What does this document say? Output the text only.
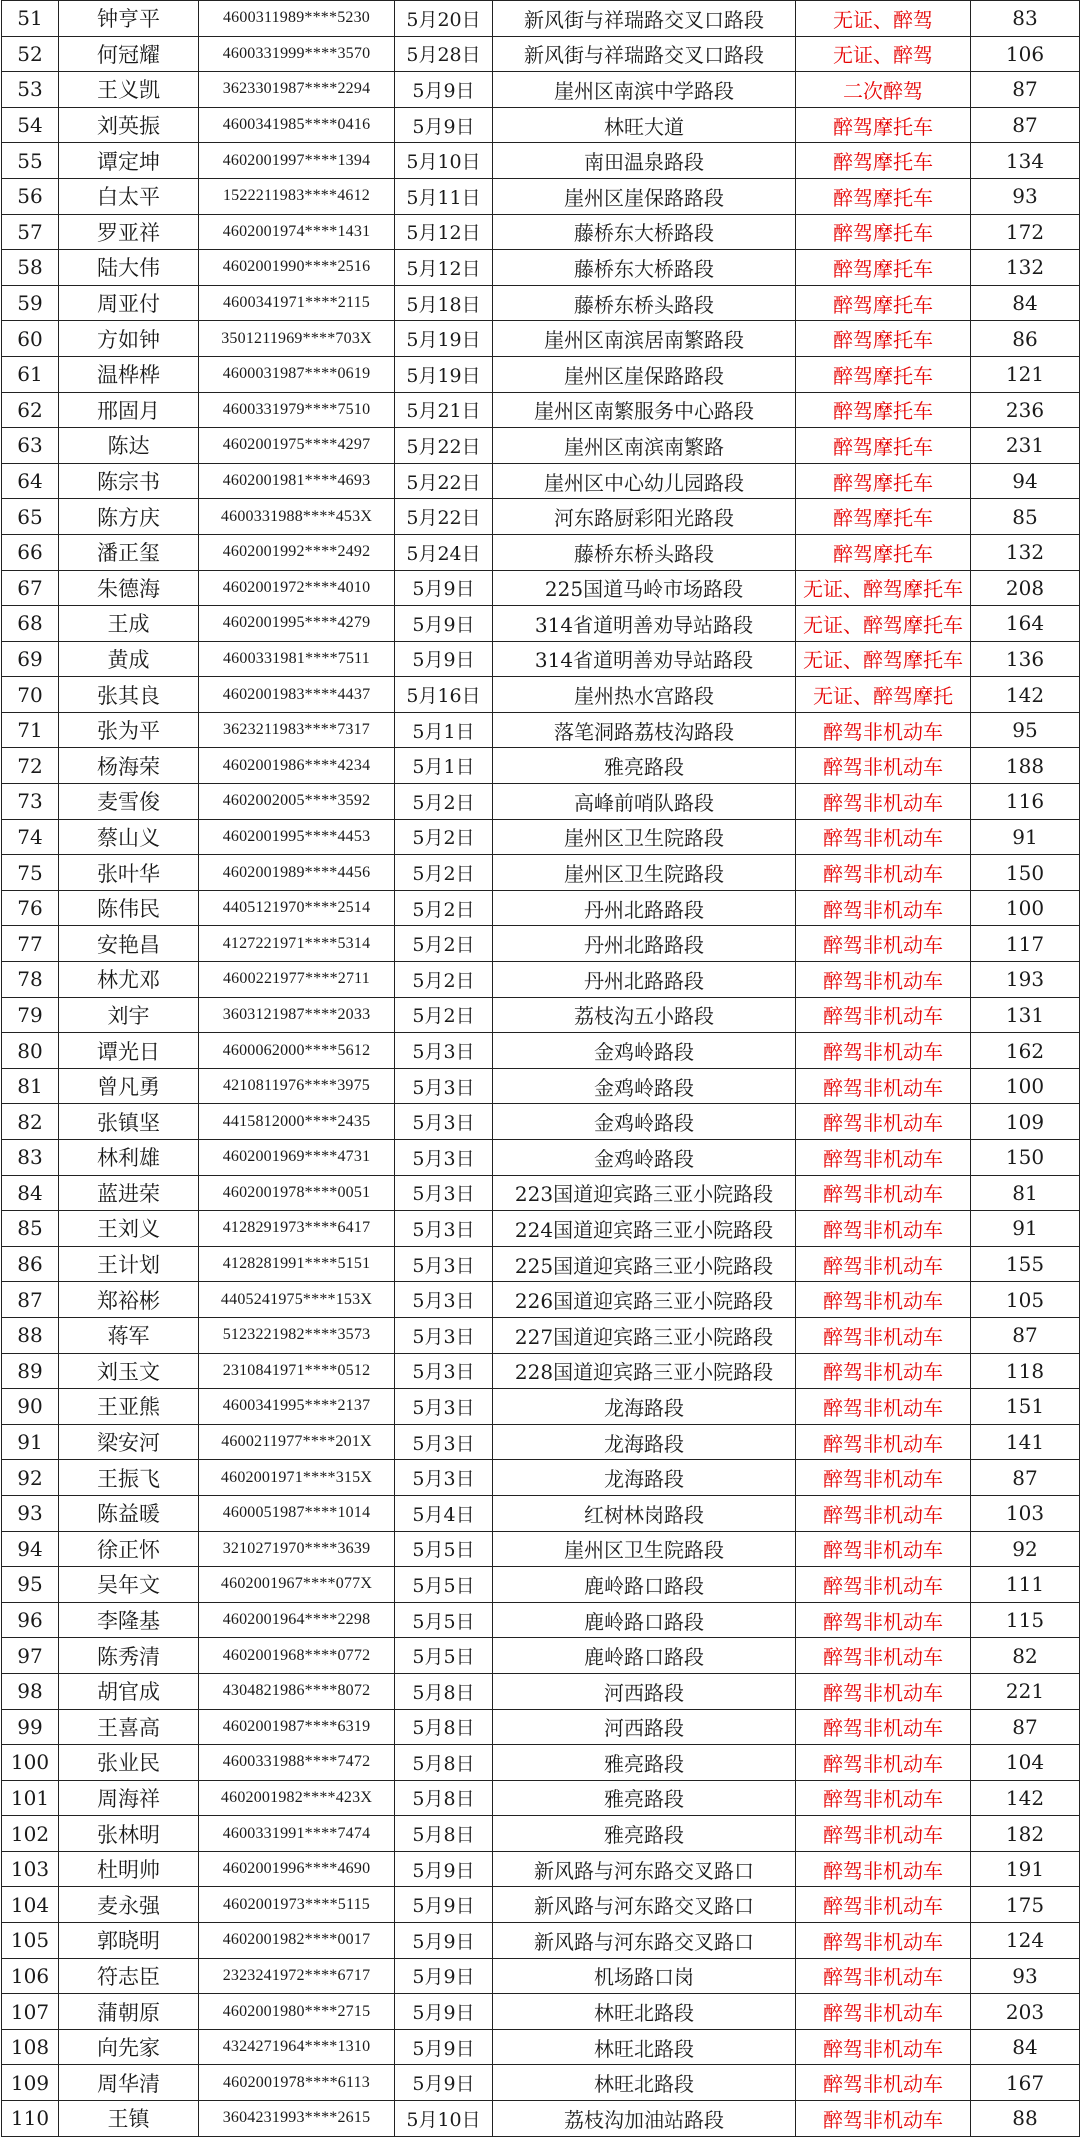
51	钟亨平	4600311989****5230	5月20日	新风街与祥瑞路交叉口路段	无证、醉驾	83
52	何冠耀	4600331999****3570	5月28日	新风街与祥瑞路交叉口路段	无证、醉驾	106
53	王义凯	3623301987****2294	5月9日	崖州区南滨中学路段	二次醉驾	87
54	刘英振	4600341985****0416	5月9日	林旺大道	醉驾摩托车	87
55	谭定坤	4602001997****1394	5月10日	南田温泉路段	醉驾摩托车	134
56	白太平	1522211983****4612	5月11日	崖州区崖保路路段	醉驾摩托车	93
57	罗亚祥	4602001974****1431	5月12日	藤桥东大桥路段	醉驾摩托车	172
58	陆大伟	4602001990****2516	5月12日	藤桥东大桥路段	醉驾摩托车	132
59	周亚付	4600341971****2115	5月18日	藤桥东桥头路段	醉驾摩托车	84
60	方如钟	3501211969****703X	5月19日	崖州区南滨居南繁路段	醉驾摩托车	86
61	温桦桦	4600031987****0619	5月19日	崖州区崖保路路段	醉驾摩托车	121
62	邢固月	4600331979****7510	5月21日	崖州区南繁服务中心路段	醉驾摩托车	236
63	陈达	4602001975****4297	5月22日	崖州区南滨南繁路	醉驾摩托车	231
64	陈宗书	4602001981****4693	5月22日	崖州区中心幼儿园路段	醉驾摩托车	94
65	陈方庆	4600331988****453X	5月22日	河东路厨彩阳光路段	醉驾摩托车	85
66	潘正玺	4602001992****2492	5月24日	藤桥东桥头路段	醉驾摩托车	132
67	朱德海	4602001972****4010	5月9日	225国道马岭市场路段	无证、醉驾摩托车	208
68	王成	4602001995****4279	5月9日	314省道明善劝导站路段	无证、醉驾摩托车	164
69	黄成	4600331981****7511	5月9日	314省道明善劝导站路段	无证、醉驾摩托车	136
70	张其良	4602001983****4437	5月16日	崖州热水宫路段	无证、醉驾摩托	142
71	张为平	3623211983****7317	5月1日	落笔洞路荔枝沟路段	醉驾非机动车	95
72	杨海荣	4602001986****4234	5月1日	雅亮路段	醉驾非机动车	188
73	麦雪俊	4602002005****3592	5月2日	高峰前哨队路段	醉驾非机动车	116
74	蔡山义	4602001995****4453	5月2日	崖州区卫生院路段	醉驾非机动车	91
75	张叶华	4602001989****4456	5月2日	崖州区卫生院路段	醉驾非机动车	150
76	陈伟民	4405121970****2514	5月2日	丹州北路路段	醉驾非机动车	100
77	安艳昌	4127221971****5314	5月2日	丹州北路路段	醉驾非机动车	117
78	林尤邓	4600221977****2711	5月2日	丹州北路路段	醉驾非机动车	193
79	刘宇	3603121987****2033	5月2日	荔枝沟五小路段	醉驾非机动车	131
80	谭光日	4600062000****5612	5月3日	金鸡岭路段	醉驾非机动车	162
81	曾凡勇	4210811976****3975	5月3日	金鸡岭路段	醉驾非机动车	100
82	张镇坚	4415812000****2435	5月3日	金鸡岭路段	醉驾非机动车	109
83	林利雄	4602001969****4731	5月3日	金鸡岭路段	醉驾非机动车	150
84	蓝进荣	4602001978****0051	5月3日	223国道迎宾路三亚小院路段	醉驾非机动车	81
85	王刘义	4128291973****6417	5月3日	224国道迎宾路三亚小院路段	醉驾非机动车	91
86	王计划	4128281991****5151	5月3日	225国道迎宾路三亚小院路段	醉驾非机动车	155
87	郑裕彬	4405241975****153X	5月3日	226国道迎宾路三亚小院路段	醉驾非机动车	105
88	蒋军	5123221982****3573	5月3日	227国道迎宾路三亚小院路段	醉驾非机动车	87
89	刘玉文	2310841971****0512	5月3日	228国道迎宾路三亚小院路段	醉驾非机动车	118
90	王亚熊	4600341995****2137	5月3日	龙海路段	醉驾非机动车	151
91	梁安河	4600211977****201X	5月3日	龙海路段	醉驾非机动车	141
92	王振飞	4602001971****315X	5月3日	龙海路段	醉驾非机动车	87
93	陈益暖	4600051987****1014	5月4日	红树林岗路段	醉驾非机动车	103
94	徐正怀	3210271970****3639	5月5日	崖州区卫生院路段	醉驾非机动车	92
95	吴年文	4602001967****077X	5月5日	鹿岭路口路段	醉驾非机动车	111
96	李隆基	4602001964****2298	5月5日	鹿岭路口路段	醉驾非机动车	115
97	陈秀清	4602001968****0772	5月5日	鹿岭路口路段	醉驾非机动车	82
98	胡官成	4304821986****8072	5月8日	河西路段	醉驾非机动车	221
99	王喜高	4602001987****6319	5月8日	河西路段	醉驾非机动车	87
100	张业民	4600331988****7472	5月8日	雅亮路段	醉驾非机动车	104
101	周海祥	4602001982****423X	5月8日	雅亮路段	醉驾非机动车	142
102	张林明	4600331991****7474	5月8日	雅亮路段	醉驾非机动车	182
103	杜明帅	4602001996****4690	5月9日	新风路与河东路交叉路口	醉驾非机动车	191
104	麦永强	4602001973****5115	5月9日	新风路与河东路交叉路口	醉驾非机动车	175
105	郭晓明	4602001982****0017	5月9日	新风路与河东路交叉路口	醉驾非机动车	124
106	符志臣	2323241972****6717	5月9日	机场路口岗	醉驾非机动车	93
107	蒲朝原	4602001980****2715	5月9日	林旺北路段	醉驾非机动车	203
108	向先家	4324271964****1310	5月9日	林旺北路段	醉驾非机动车	84
109	周华清	4602001978****6113	5月9日	林旺北路段	醉驾非机动车	167
110	王镇	3604231993****2615	5月10日	荔枝沟加油站路段	醉驾非机动车	88
